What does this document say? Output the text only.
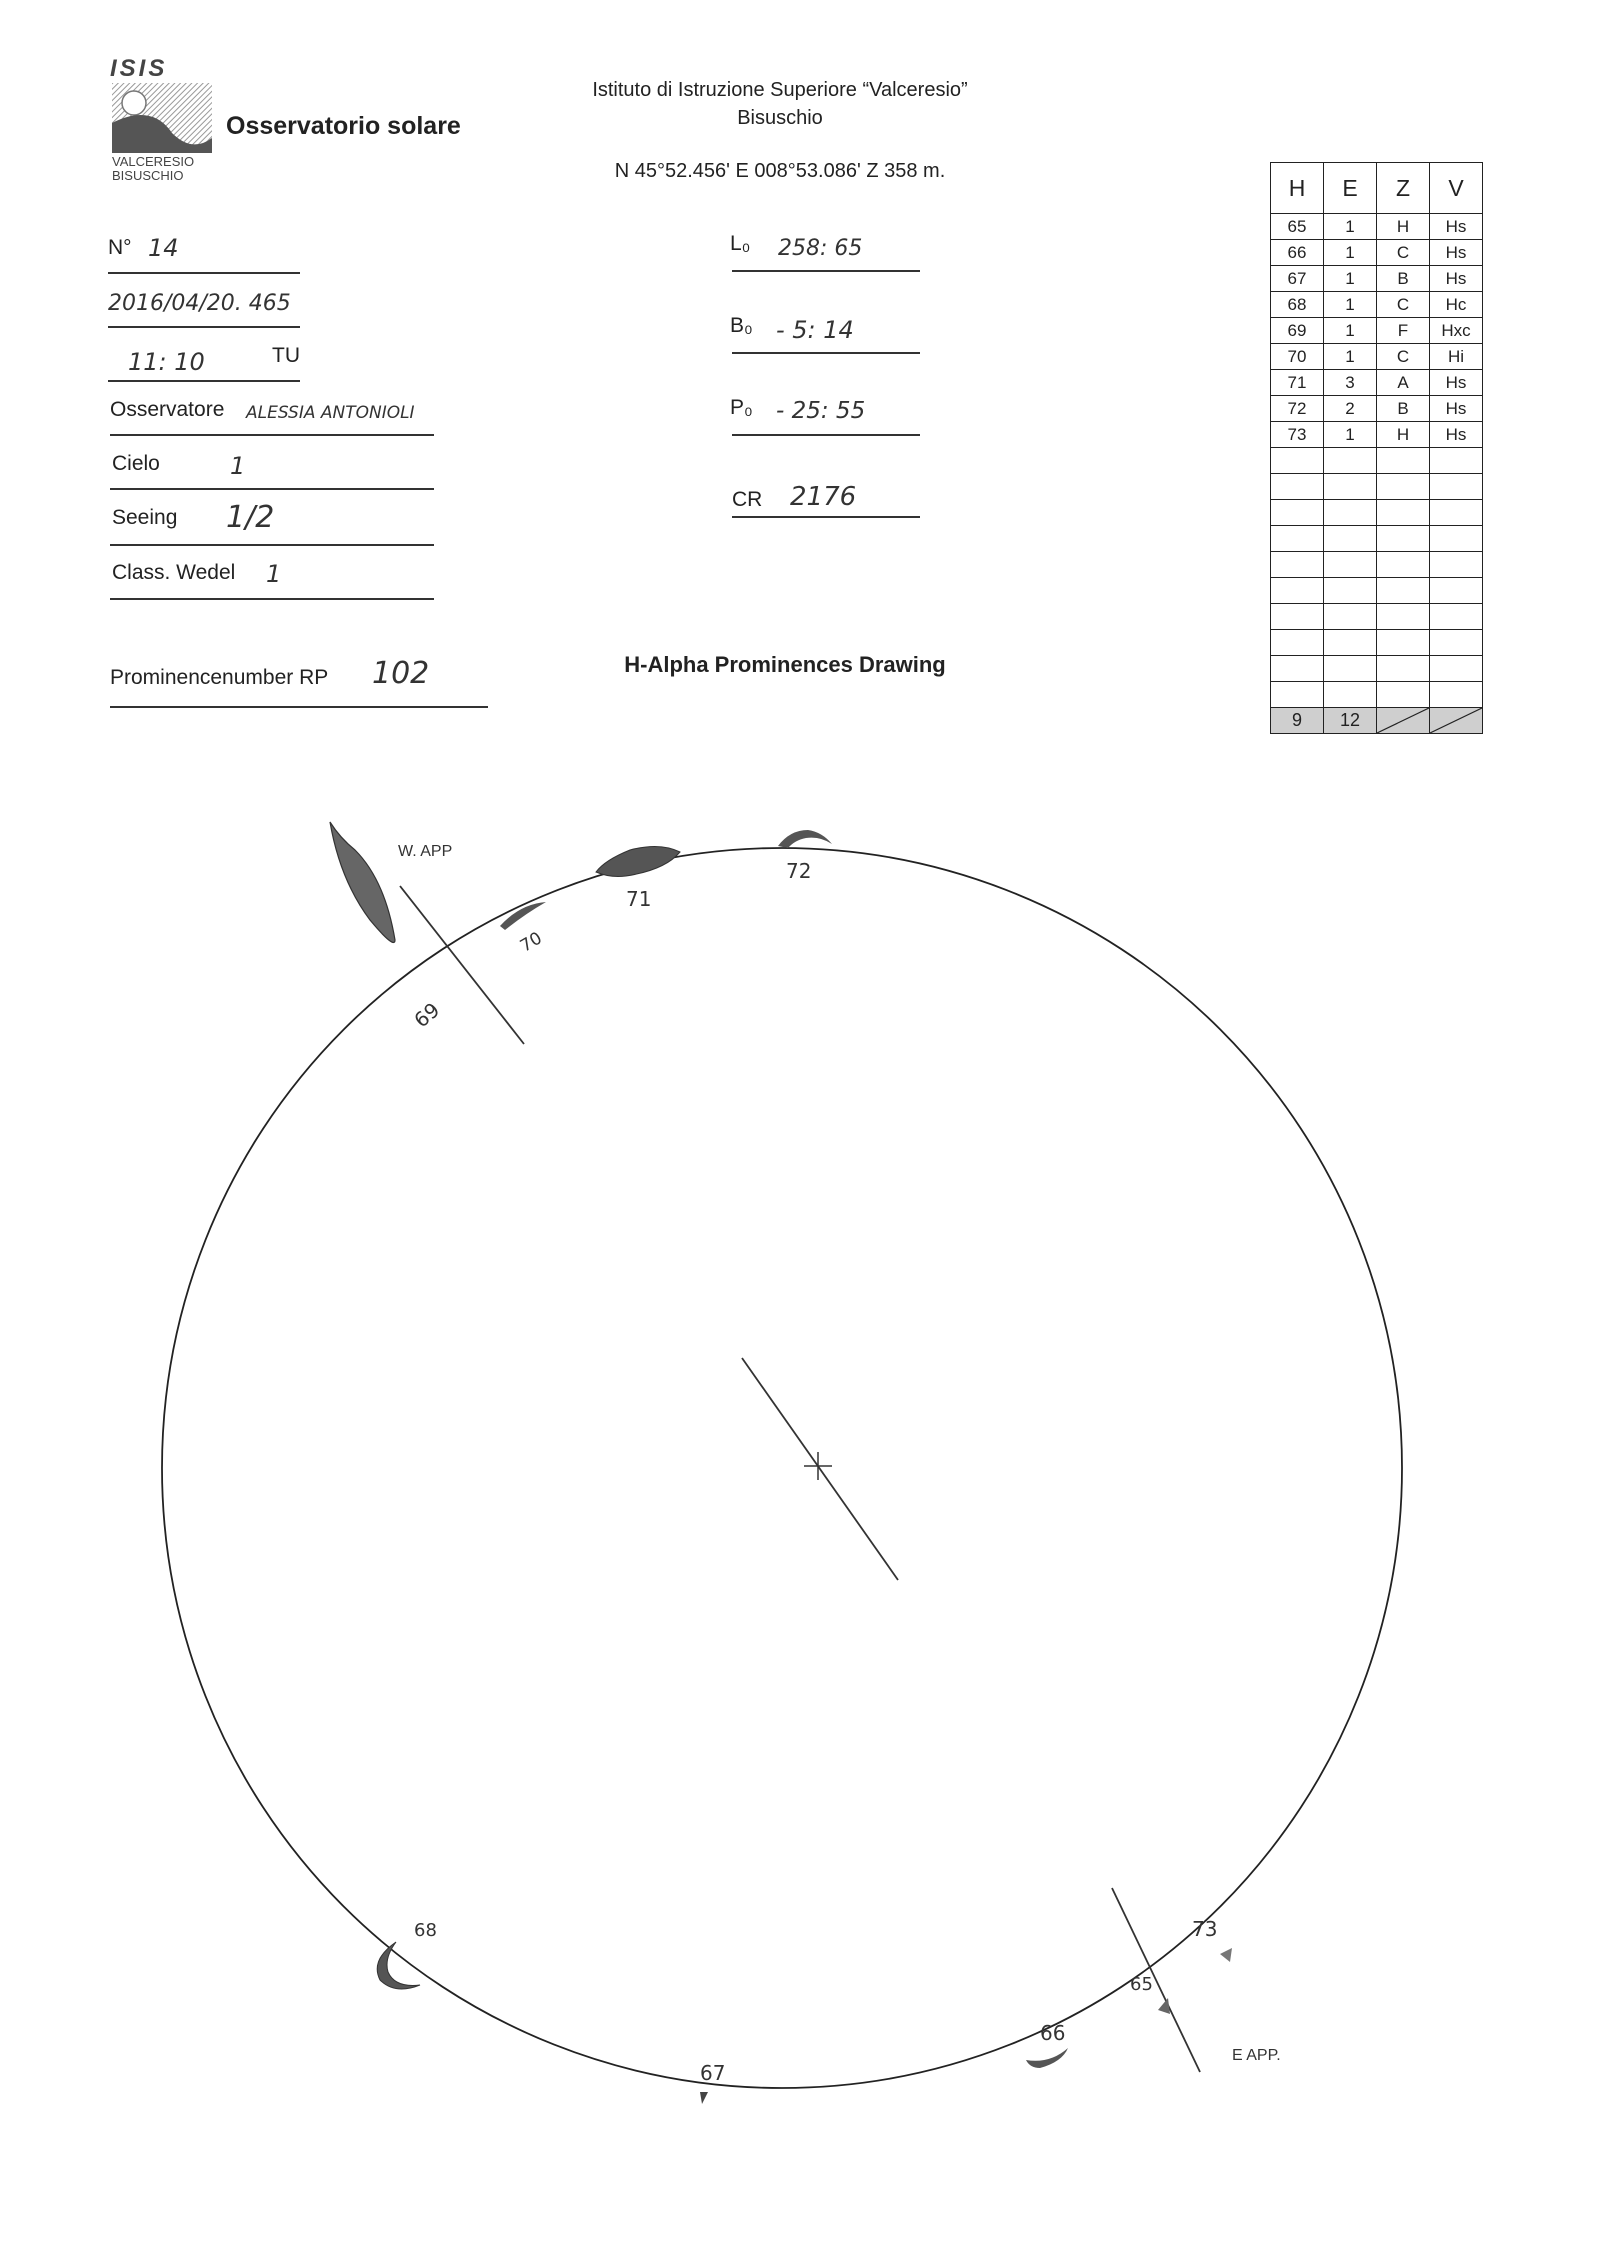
ISIS
VALCERESIO
BISUSCHIO
Osservatorio solare
Istituto di Istruzione Superiore “Valceresio”
Bisuschio
N 45°52.456' E 008°53.086' Z 358 m.
N° 14
2016/04/20. 465
11: 10	TU
Osservatore ALESSIA ANTONIOLI
Cielo	1
Seeing 1/2
Class. Wedel 1
Prominencenumber RP 102
L₀ 258: 65
B₀ - 5: 14
P₀ - 25: 55
CR 2176
H	E	Z	V
65	1	H	Hs
66	1	C	Hs
67	1	B	Hs
68	1	C	Hc
69	1	F	Hxc
70	1	C	Hi
71	3	A	Hs
72	2	B	Hs
73	1	H	Hs

9	12	

H-Alpha Prominences Drawing
W. APP
E APP.
65
66
67
68
69
70
71
72
73
